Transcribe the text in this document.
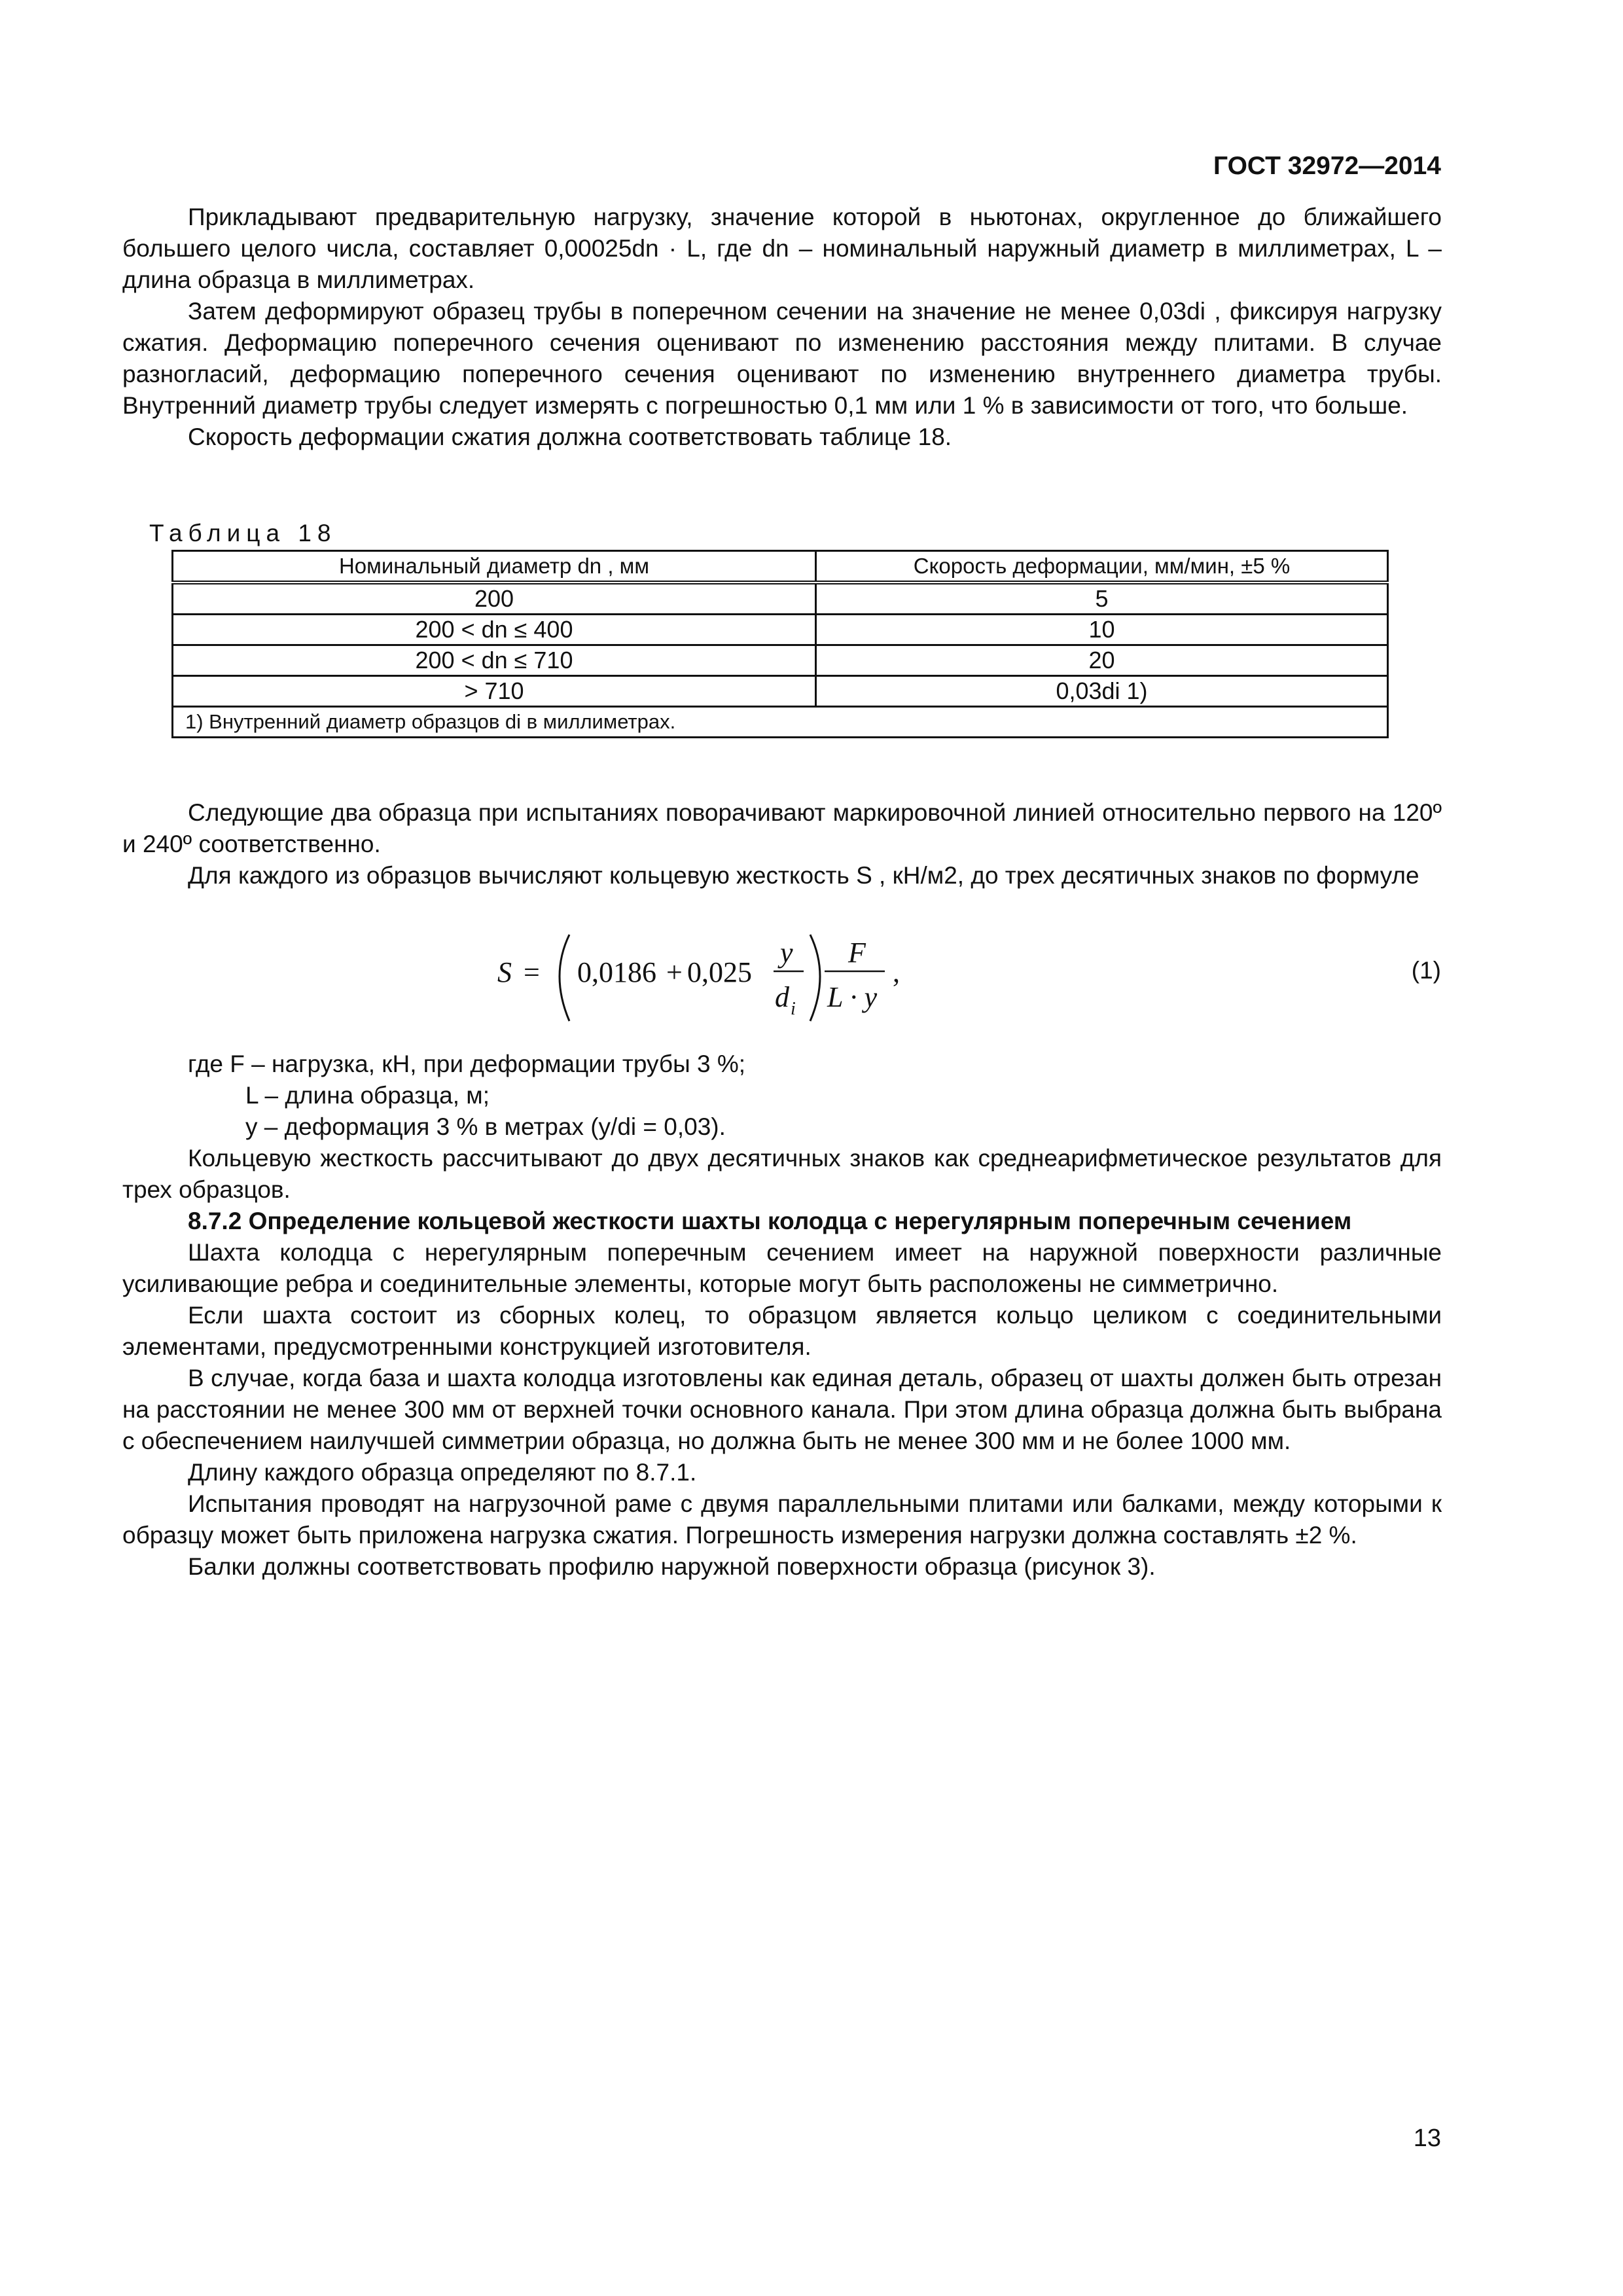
ГОСТ 32972—2014

Прикладывают предварительную нагрузку, значение которой в ньютонах, округленное до ближайшего большего целого числа, составляет 0,00025dn · L, где dn – номинальный наружный диаметр в миллиметрах, L – длина образца в миллиметрах.

Затем деформируют образец трубы в поперечном сечении на значение не менее 0,03di , фиксируя нагрузку сжатия. Деформацию поперечного сечения оценивают по изменению расстояния между плитами. В случае разногласий, деформацию поперечного сечения оценивают по изменению внутреннего диаметра трубы. Внутренний диаметр трубы следует измерять с погрешностью 0,1 мм или 1 % в зависимости от того, что больше.

Скорость деформации сжатия должна соответствовать таблице 18.

Таблица 18
Номинальный диаметр dn , мм	Скорость деформации, мм/мин, ±5 %
200	5
200 < dn ≤ 400	10
200 < dn ≤ 710	20
> 710	0,03di 1)
1) Внутренний диаметр образцов di в миллиметрах.	

Следующие два образца при испытаниях поворачивают маркировочной линией относительно первого на 120º и 240º соответственно.

Для каждого из образцов вычисляют кольцевую жесткость S , кН/м2, до трех десятичных знаков по формуле

S = 0,0186 + 0,025
y
d i
F
L · y
,	(1)
где F – нагрузка, кН, при деформации трубы 3 %;
L – длина образца, м;
y – деформация 3 % в метрах (y/di = 0,03).

Кольцевую жесткость рассчитывают до двух десятичных знаков как среднеарифметическое результатов для трех образцов.

8.7.2 Определение кольцевой жесткости шахты колодца с нерегулярным поперечным сечением

Шахта колодца с нерегулярным поперечным сечением имеет на наружной поверхности различные усиливающие ребра и соединительные элементы, которые могут быть расположены не симметрично.

Если шахта состоит из сборных колец, то образцом является кольцо целиком с соединительными элементами, предусмотренными конструкцией изготовителя.

В случае, когда база и шахта колодца изготовлены как единая деталь, образец от шахты должен быть отрезан на расстоянии не менее 300 мм от верхней точки основного канала. При этом длина образца должна быть выбрана с обеспечением наилучшей симметрии образца, но должна быть не менее 300 мм и не более 1000 мм.

Длину каждого образца определяют по 8.7.1.

Испытания проводят на нагрузочной раме с двумя параллельными плитами или балками, между которыми к образцу может быть приложена нагрузка сжатия. Погрешность измерения нагрузки должна составлять ±2 %.

Балки должны соответствовать профилю наружной поверхности образца (рисунок 3).

13
